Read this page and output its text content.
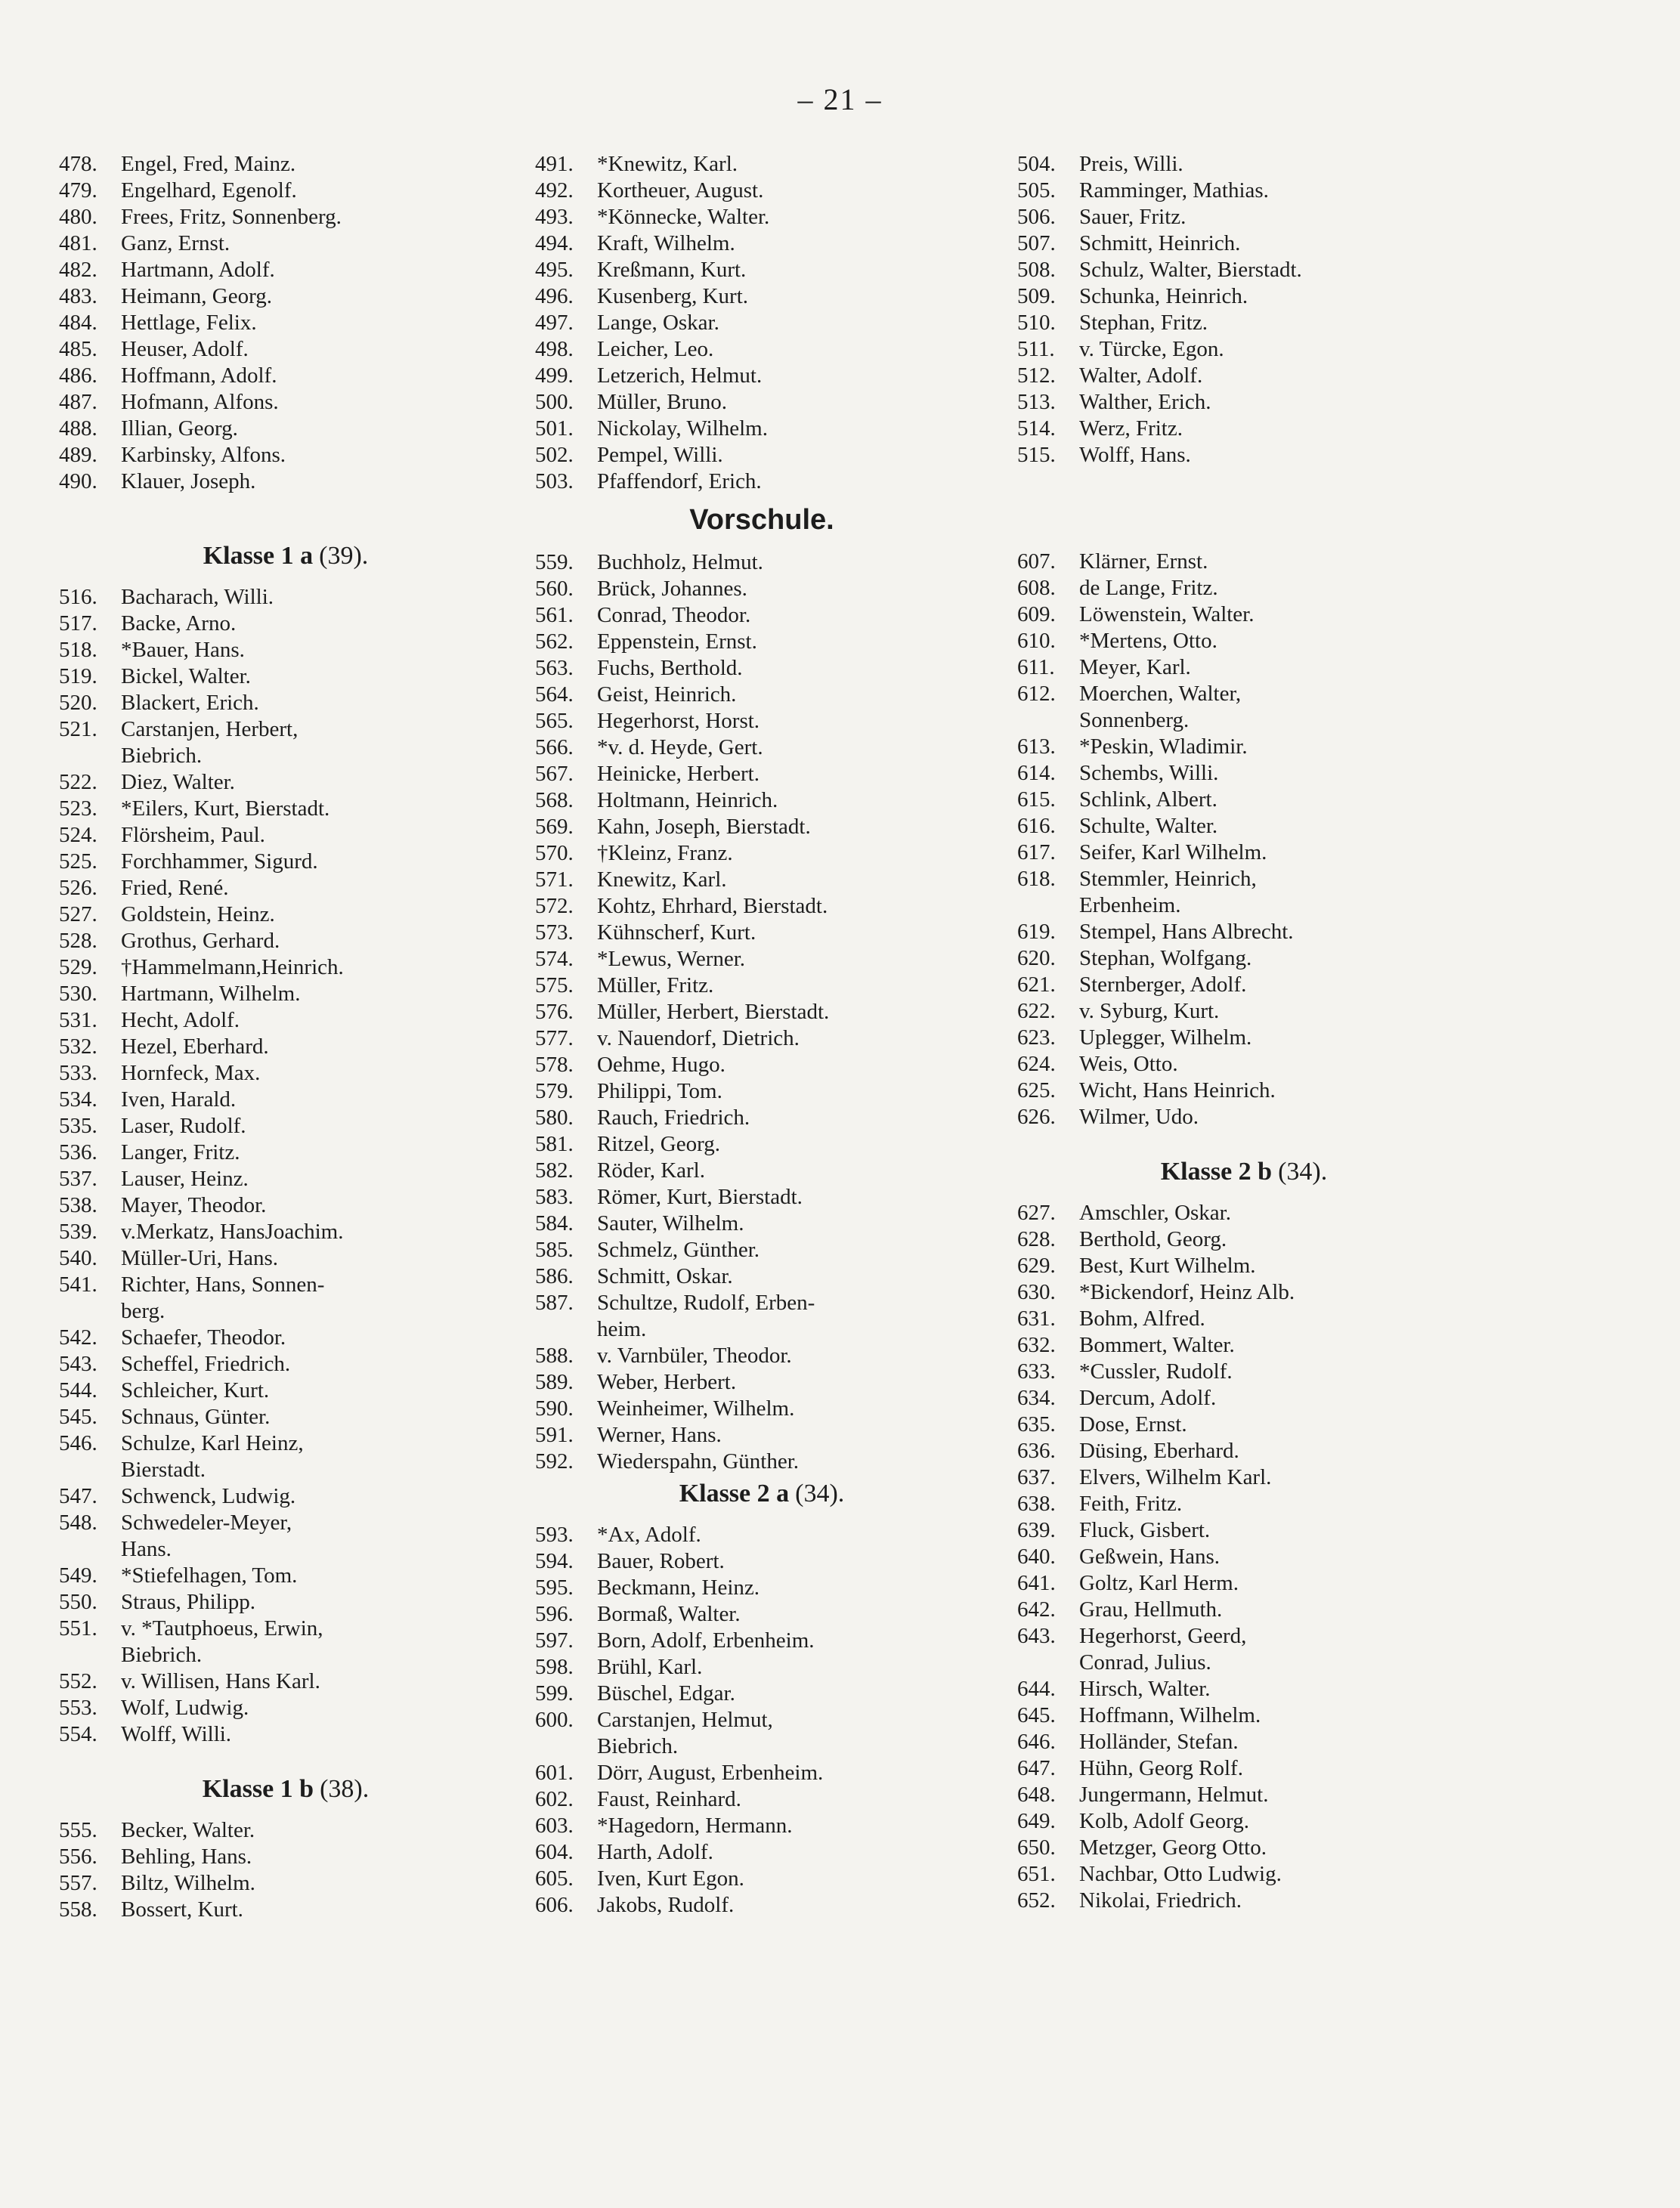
– 21 –
478.	Engel, Fred, Mainz.
479.	Engelhard, Egenolf.
480.	Frees, Fritz, Sonnenberg.
481.	Ganz, Ernst.
482.	Hartmann, Adolf.
483.	Heimann, Georg.
484.	Hettlage, Felix.
485.	Heuser, Adolf.
486.	Hoffmann, Adolf.
487.	Hofmann, Alfons.
488.	Illian, Georg.
489.	Karbinsky, Alfons.
490.	Klauer, Joseph.
Klasse 1 a (39).
516.	Bacharach, Willi.
517.	Backe, Arno.
518.	*Bauer, Hans.
519.	Bickel, Walter.
520.	Blackert, Erich.
521.	Carstanjen, Herbert,
Biebrich.
522.	Diez, Walter.
523.	*Eilers, Kurt, Bierstadt.
524.	Flörsheim, Paul.
525.	Forchhammer, Sigurd.
526.	Fried, René.
527.	Goldstein, Heinz.
528.	Grothus, Gerhard.
529.	†Hammelmann,Heinrich.
530.	Hartmann, Wilhelm.
531.	Hecht, Adolf.
532.	Hezel, Eberhard.
533.	Hornfeck, Max.
534.	Iven, Harald.
535.	Laser, Rudolf.
536.	Langer, Fritz.
537.	Lauser, Heinz.
538.	Mayer, Theodor.
539.	v.Merkatz, HansJoachim.
540.	Müller-Uri, Hans.
541.	Richter, Hans, Sonnen-
berg.
542.	Schaefer, Theodor.
543.	Scheffel, Friedrich.
544.	Schleicher, Kurt.
545.	Schnaus, Günter.
546.	Schulze, Karl Heinz,
Bierstadt.
547.	Schwenck, Ludwig.
548.	Schwedeler-Meyer,
Hans.
549.	*Stiefelhagen, Tom.
550.	Straus, Philipp.
551.	v. *Tautphoeus, Erwin,
Biebrich.
552.	v. Willisen, Hans Karl.
553.	Wolf, Ludwig.
554.	Wolff, Willi.
Klasse 1 b (38).
555.	Becker, Walter.
556.	Behling, Hans.
557.	Biltz, Wilhelm.
558.	Bossert, Kurt.
491.	*Knewitz, Karl.
492.	Kortheuer, August.
493.	*Könnecke, Walter.
494.	Kraft, Wilhelm.
495.	Kreßmann, Kurt.
496.	Kusenberg, Kurt.
497.	Lange, Oskar.
498.	Leicher, Leo.
499.	Letzerich, Helmut.
500.	Müller, Bruno.
501.	Nickolay, Wilhelm.
502.	Pempel, Willi.
503.	Pfaffendorf, Erich.
Vorschule.
559.	Buchholz, Helmut.
560.	Brück, Johannes.
561.	Conrad, Theodor.
562.	Eppenstein, Ernst.
563.	Fuchs, Berthold.
564.	Geist, Heinrich.
565.	Hegerhorst, Horst.
566.	*v. d. Heyde, Gert.
567.	Heinicke, Herbert.
568.	Holtmann, Heinrich.
569.	Kahn, Joseph, Bierstadt.
570.	†Kleinz, Franz.
571.	Knewitz, Karl.
572.	Kohtz, Ehrhard, Bierstadt.
573.	Kühnscherf, Kurt.
574.	*Lewus, Werner.
575.	Müller, Fritz.
576.	Müller, Herbert, Bierstadt.
577.	v. Nauendorf, Dietrich.
578.	Oehme, Hugo.
579.	Philippi, Tom.
580.	Rauch, Friedrich.
581.	Ritzel, Georg.
582.	Röder, Karl.
583.	Römer, Kurt, Bierstadt.
584.	Sauter, Wilhelm.
585.	Schmelz, Günther.
586.	Schmitt, Oskar.
587.	Schultze, Rudolf, Erben-
heim.
588.	v. Varnbüler, Theodor.
589.	Weber, Herbert.
590.	Weinheimer, Wilhelm.
591.	Werner, Hans.
592.	Wiederspahn, Günther.
Klasse 2 a (34).
593.	*Ax, Adolf.
594.	Bauer, Robert.
595.	Beckmann, Heinz.
596.	Bormaß, Walter.
597.	Born, Adolf, Erbenheim.
598.	Brühl, Karl.
599.	Büschel, Edgar.
600.	Carstanjen, Helmut,
Biebrich.
601.	Dörr, August, Erbenheim.
602.	Faust, Reinhard.
603.	*Hagedorn, Hermann.
604.	Harth, Adolf.
605.	Iven, Kurt Egon.
606.	Jakobs, Rudolf.
504.	Preis, Willi.
505.	Ramminger, Mathias.
506.	Sauer, Fritz.
507.	Schmitt, Heinrich.
508.	Schulz, Walter, Bierstadt.
509.	Schunka, Heinrich.
510.	Stephan, Fritz.
511.	v. Türcke, Egon.
512.	Walter, Adolf.
513.	Walther, Erich.
514.	Werz, Fritz.
515.	Wolff, Hans.
607.	Klärner, Ernst.
608.	de Lange, Fritz.
609.	Löwenstein, Walter.
610.	*Mertens, Otto.
611.	Meyer, Karl.
612.	Moerchen, Walter,
Sonnenberg.
613.	*Peskin, Wladimir.
614.	Schembs, Willi.
615.	Schlink, Albert.
616.	Schulte, Walter.
617.	Seifer, Karl Wilhelm.
618.	Stemmler, Heinrich,
Erbenheim.
619.	Stempel, Hans Albrecht.
620.	Stephan, Wolfgang.
621.	Sternberger, Adolf.
622.	v. Syburg, Kurt.
623.	Uplegger, Wilhelm.
624.	Weis, Otto.
625.	Wicht, Hans Heinrich.
626.	Wilmer, Udo.
Klasse 2 b (34).
627.	Amschler, Oskar.
628.	Berthold, Georg.
629.	Best, Kurt Wilhelm.
630.	*Bickendorf, Heinz Alb.
631.	Bohm, Alfred.
632.	Bommert, Walter.
633.	*Cussler, Rudolf.
634.	Dercum, Adolf.
635.	Dose, Ernst.
636.	Düsing, Eberhard.
637.	Elvers, Wilhelm Karl.
638.	Feith, Fritz.
639.	Fluck, Gisbert.
640.	Geßwein, Hans.
641.	Goltz, Karl Herm.
642.	Grau, Hellmuth.
643.	Hegerhorst, Geerd,
Conrad, Julius.
644.	Hirsch, Walter.
645.	Hoffmann, Wilhelm.
646.	Holländer, Stefan.
647.	Hühn, Georg Rolf.
648.	Jungermann, Helmut.
649.	Kolb, Adolf Georg.
650.	Metzger, Georg Otto.
651.	Nachbar, Otto Ludwig.
652.	Nikolai, Friedrich.
